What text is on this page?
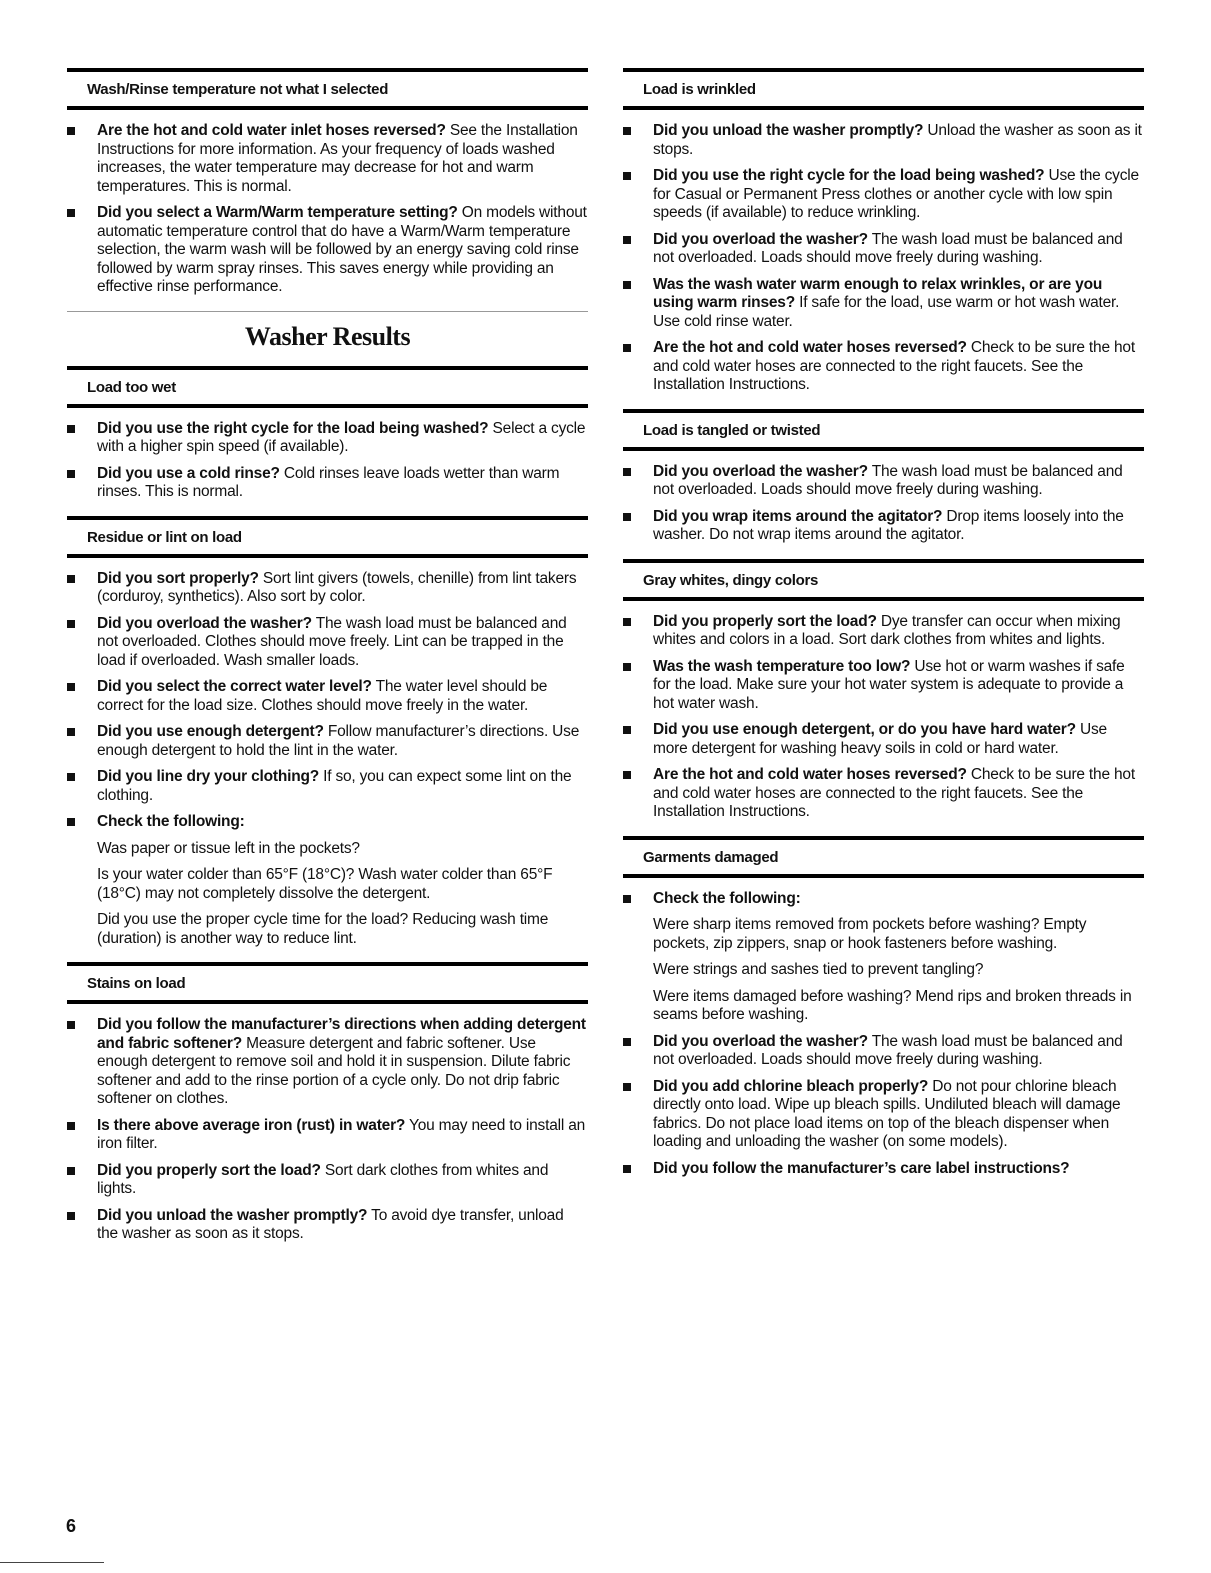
Wash/Rinse temperature not what I selected
Are the hot and cold water inlet hoses reversed? See the Installation Instructions for more information. As your frequency of loads washed increases, the water temperature may decrease for hot and warm temperatures. This is normal.
Did you select a Warm/Warm temperature setting? On models without automatic temperature control that do have a Warm/Warm temperature selection, the warm wash will be followed by an energy saving cold rinse followed by warm spray rinses. This saves energy while providing an effective rinse performance.
Washer Results
Load too wet
Did you use the right cycle for the load being washed? Select a cycle with a higher spin speed (if available).
Did you use a cold rinse? Cold rinses leave loads wetter than warm rinses. This is normal.
Residue or lint on load
Did you sort properly? Sort lint givers (towels, chenille) from lint takers (corduroy, synthetics). Also sort by color.
Did you overload the washer? The wash load must be balanced and not overloaded. Clothes should move freely. Lint can be trapped in the load if overloaded. Wash smaller loads.
Did you select the correct water level? The water level should be correct for the load size. Clothes should move freely in the water.
Did you use enough detergent? Follow manufacturer’s directions. Use enough detergent to hold the lint in the water.
Did you line dry your clothing? If so, you can expect some lint on the clothing.
Check the following:
Was paper or tissue left in the pockets?
Is your water colder than 65°F (18°C)? Wash water colder than 65°F (18°C) may not completely dissolve the detergent.
Did you use the proper cycle time for the load? Reducing wash time (duration) is another way to reduce lint.
Stains on load
Did you follow the manufacturer’s directions when adding detergent and fabric softener? Measure detergent and fabric softener. Use enough detergent to remove soil and hold it in suspension. Dilute fabric softener and add to the rinse portion of a cycle only. Do not drip fabric softener on clothes.
Is there above average iron (rust) in water? You may need to install an iron filter.
Did you properly sort the load? Sort dark clothes from whites and lights.
Did you unload the washer promptly? To avoid dye transfer, unload the washer as soon as it stops.
Load is wrinkled
Did you unload the washer promptly? Unload the washer as soon as it stops.
Did you use the right cycle for the load being washed? Use the cycle for Casual or Permanent Press clothes or another cycle with low spin speeds (if available) to reduce wrinkling.
Did you overload the washer? The wash load must be balanced and not overloaded. Loads should move freely during washing.
Was the wash water warm enough to relax wrinkles, or are you using warm rinses? If safe for the load, use warm or hot wash water. Use cold rinse water.
Are the hot and cold water hoses reversed? Check to be sure the hot and cold water hoses are connected to the right faucets. See the Installation Instructions.
Load is tangled or twisted
Did you overload the washer? The wash load must be balanced and not overloaded. Loads should move freely during washing.
Did you wrap items around the agitator? Drop items loosely into the washer. Do not wrap items around the agitator.
Gray whites, dingy colors
Did you properly sort the load? Dye transfer can occur when mixing whites and colors in a load. Sort dark clothes from whites and lights.
Was the wash temperature too low? Use hot or warm washes if safe for the load. Make sure your hot water system is adequate to provide a hot water wash.
Did you use enough detergent, or do you have hard water? Use more detergent for washing heavy soils in cold or hard water.
Are the hot and cold water hoses reversed? Check to be sure the hot and cold water hoses are connected to the right faucets. See the Installation Instructions.
Garments damaged
Check the following:
Were sharp items removed from pockets before washing? Empty pockets, zip zippers, snap or hook fasteners before washing.
Were strings and sashes tied to prevent tangling?
Were items damaged before washing? Mend rips and broken threads in seams before washing.
Did you overload the washer? The wash load must be balanced and not overloaded. Loads should move freely during washing.
Did you add chlorine bleach properly? Do not pour chlorine bleach directly onto load. Wipe up bleach spills. Undiluted bleach will damage fabrics. Do not place load items on top of the bleach dispenser when loading and unloading the washer (on some models).
Did you follow the manufacturer’s care label instructions?
6
